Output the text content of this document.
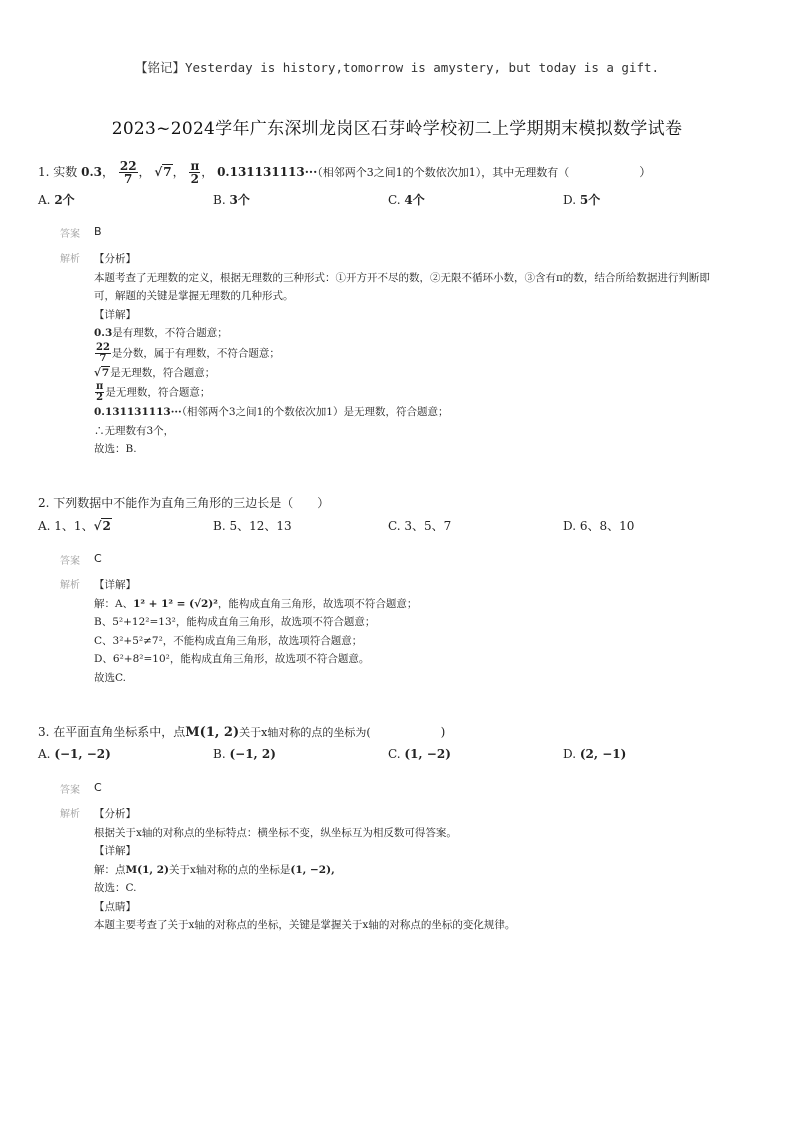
【铭记】Yesterday is history,tomorrow is amystery, but today is a gift.
2023~2024学年广东深圳龙岗区石芽岭学校初二上学期期末模拟数学试卷
1. 实数 0.3， $\frac{22}{7}$ ， √7， $\frac{\pi}{2}$ ， 0.131131113···（相邻两个3之间1的个数依次加1），其中无理数有（	）
A. 2个	B. 3个	C. 4个	D. 5个
答案	B
解析	【分析】
本题考查了无理数的定义，根据无理数的三种形式：①开方开不尽的数，②无限不循环小数，③含有π的数，结合所给数据进行判断即
可，解题的关键是掌握无理数的几种形式。
【详解】
0.3是有理数，不符合题意；
$\frac{22}{7}$ 是分数，属于有理数，不符合题意；
√7是无理数，符合题意；
$\frac{\pi}{2}$ 是无理数，符合题意；
0.131131113···（相邻两个3之间1的个数依次加1）是无理数，符合题意；
∴无理数有3个，
故选：B.
2. 下列数据中不能作为直角三角形的三边长是（　　）
A. 1、1、√2	B. 5、12、13	C. 3、5、7	D. 6、8、10
答案	C
解析	【详解】
解：A、1² + 1² = (√2)²，能构成直角三角形，故选项不符合题意；
B、5²+12²=13²，能构成直角三角形，故选项不符合题意；
C、3²+5²≠7²，不能构成直角三角形，故选项符合题意；
D、6²+8²=10²，能构成直角三角形，故选项不符合题意。
故选C.
3. 在平面直角坐标系中，点M(1, 2)关于x轴对称的点的坐标为(	)
A. (−1, −2)	B. (−1, 2)	C. (1, −2)	D. (2, −1)
答案	C
解析	【分析】
根据关于x轴的对称点的坐标特点：横坐标不变，纵坐标互为相反数可得答案。
【详解】
解：点M(1, 2)关于x轴对称的点的坐标是(1, −2),
故选：C.
【点睛】
本题主要考查了关于x轴的对称点的坐标，关键是掌握关于x轴的对称点的坐标的变化规律。
